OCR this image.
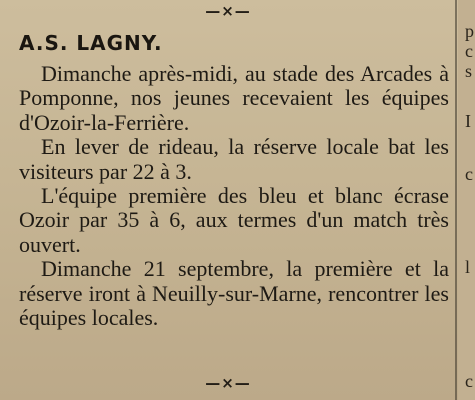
—×—
A.S. LAGNY.

Dimanche après-midi, au stade des Arcades à Pomponne, nos jeunes recevaient les équipes d'Ozoir-la-Ferrière.

En lever de rideau, la réserve locale bat les visiteurs par 22 à 3.

L'équipe première des bleu et blanc écrase Ozoir par 35 à 6, aux termes d'un match très ouvert.

Dimanche 21 septembre, la première et la réserve iront à Neuilly-sur-Marne, rencontrer les équipes locales.

—×—
p
c
s
I
c
l
c
